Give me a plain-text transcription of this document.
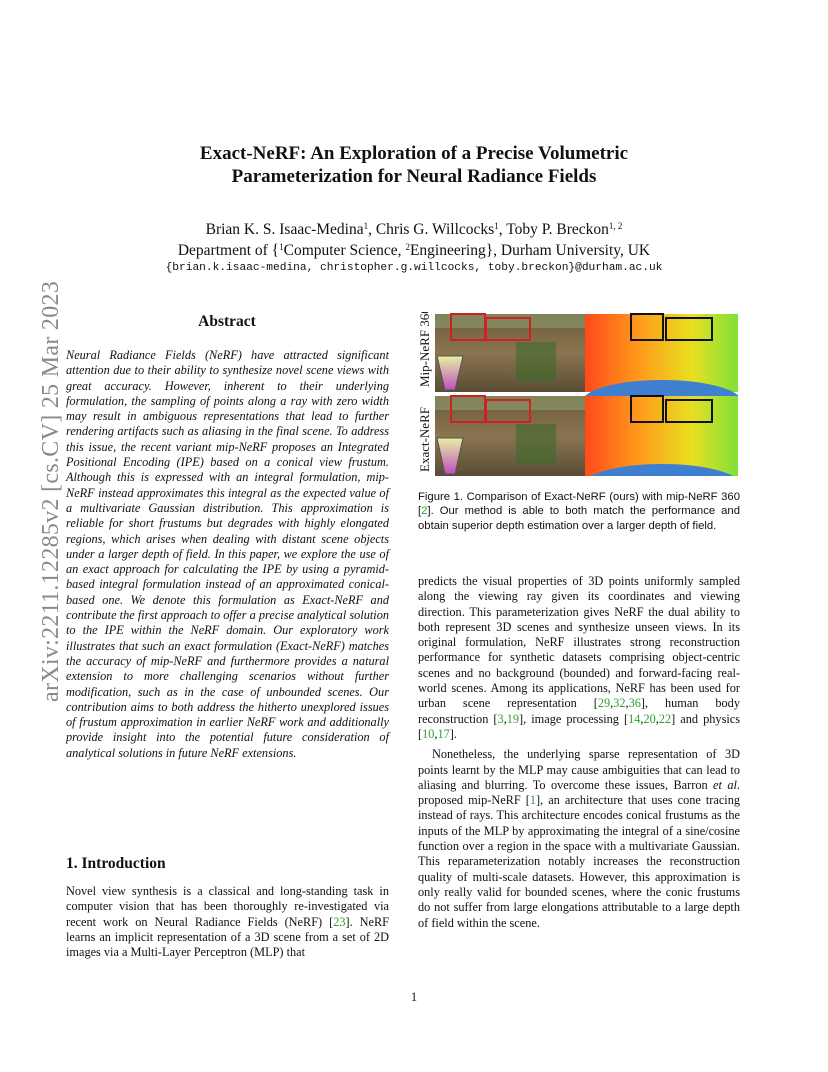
arXiv:2211.12285v2 [cs.CV] 25 Mar 2023
Exact-NeRF: An Exploration of a Precise Volumetric
Parameterization for Neural Radiance Fields
Brian K. S. Isaac-Medina$^1$, Chris G. Willcocks$^1$, Toby P. Breckon$^{1, 2}$
Department of {$^1$Computer Science, $^2$Engineering}, Durham University, UK
{brian.k.isaac-medina, christopher.g.willcocks, toby.breckon}@durham.ac.uk
Abstract
Neural Radiance Fields (NeRF) have attracted significant attention due to their ability to synthesize novel scene views with great accuracy. However, inherent to their underlying formulation, the sampling of points along a ray with zero width may result in ambiguous representations that lead to further rendering artifacts such as aliasing in the final scene. To address this issue, the recent variant mip-NeRF proposes an Integrated Positional Encoding (IPE) based on a conical view frustum. Although this is expressed with an integral formulation, mip-NeRF instead approximates this integral as the expected value of a multivariate Gaussian distribution. This approximation is reliable for short frustums but degrades with highly elongated regions, which arises when dealing with distant scene objects under a larger depth of field. In this paper, we explore the use of an exact approach for calculating the IPE by using a pyramid-based integral formulation instead of an approximated conical-based one. We denote this formulation as Exact-NeRF and contribute the first approach to offer a precise analytical solution to the IPE within the NeRF domain. Our exploratory work illustrates that such an exact formulation (Exact-NeRF) matches the accuracy of mip-NeRF and furthermore provides a natural extension to more challenging scenarios without further modification, such as in the case of unbounded scenes. Our contribution aims to both address the hitherto unexplored issues of frustum approximation in earlier NeRF work and additionally provide insight into the potential future consideration of analytical solutions in future NeRF extensions.
1. Introduction
Novel view synthesis is a classical and long-standing task in computer vision that has been thoroughly re-investigated via recent work on Neural Radiance Fields (NeRF) [23]. NeRF learns an implicit representation of a 3D scene from a set of 2D images via a Multi-Layer Perceptron (MLP) that
Mip-NeRF 360
Exact-NeRF
Figure 1. Comparison of Exact-NeRF (ours) with mip-NeRF 360 [2]. Our method is able to both match the performance and obtain superior depth estimation over a larger depth of field.

predicts the visual properties of 3D points uniformly sampled along the viewing ray given its coordinates and viewing direction. This parameterization gives NeRF the dual ability to both represent 3D scenes and synthesize unseen views. In its original formulation, NeRF illustrates strong reconstruction performance for synthetic datasets comprising object-centric scenes and no background (bounded) and forward-facing real-world scenes. Among its applications, NeRF has been used for urban scene representation [29,32,36], human body reconstruction [3,19], image processing [14,20,22] and physics [10,17].

Nonetheless, the underlying sparse representation of 3D points learnt by the MLP may cause ambiguities that can lead to aliasing and blurring. To overcome these issues, Barron et al. proposed mip-NeRF [1], an architecture that uses cone tracing instead of rays. This architecture encodes conical frustums as the inputs of the MLP by approximating the integral of a sine/cosine function over a region in the space with a multivariate Gaussian. This reparameterization notably increases the reconstruction quality of multi-scale datasets. However, this approximation is only really valid for bounded scenes, where the conic frustums do not suffer from large elongations attributable to a large depth of field within the scene.

1
